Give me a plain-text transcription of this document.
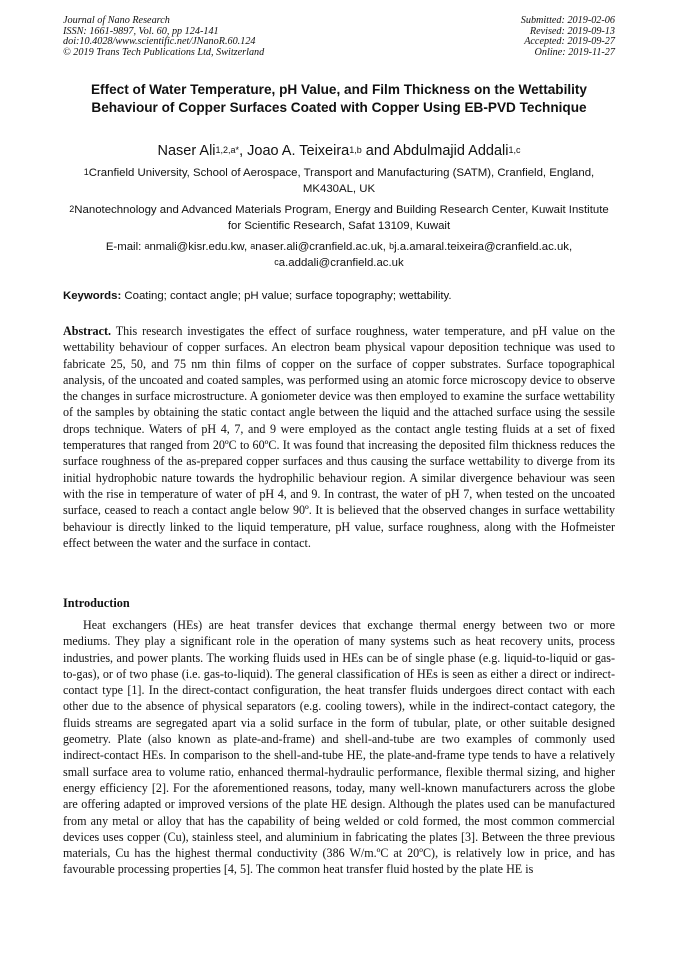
Journal of Nano Research
ISSN: 1661-9897, Vol. 60, pp 124-141
doi:10.4028/www.scientific.net/JNanoR.60.124
© 2019 Trans Tech Publications Ltd, Switzerland
Submitted: 2019-02-06
Revised: 2019-09-13
Accepted: 2019-09-27
Online: 2019-11-27
Effect of Water Temperature, pH Value, and Film Thickness on the Wettability Behaviour of Copper Surfaces Coated with Copper Using EB-PVD Technique
Naser Ali$^{1,2,a*}$, Joao A. Teixeira$^{1,b}$ and Abdulmajid Addali$^{1,c}$
$^1$Cranfield University, School of Aerospace, Transport and Manufacturing (SATM), Cranfield, England, MK430AL, UK
$^2$Nanotechnology and Advanced Materials Program, Energy and Building Research Center, Kuwait Institute for Scientific Research, Safat 13109, Kuwait
E-mail: $^a$nmali@kisr.edu.kw, $^a$naser.ali@cranfield.ac.uk, $^b$j.a.amaral.teixeira@cranfield.ac.uk,
$^c$a.addali@cranfield.ac.uk
Keywords: Coating; contact angle; pH value; surface topography; wettability.
Abstract. This research investigates the effect of surface roughness, water temperature, and pH value on the wettability behaviour of copper surfaces. An electron beam physical vapour deposition technique was used to fabricate 25, 50, and 75 nm thin films of copper on the surface of copper substrates. Surface topographical analysis, of the uncoated and coated samples, was performed using an atomic force microscopy device to observe the changes in surface microstructure. A goniometer device was then employed to examine the surface wettability of the samples by obtaining the static contact angle between the liquid and the attached surface using the sessile drops technique. Waters of pH 4, 7, and 9 were employed as the contact angle testing fluids at a set of fixed temperatures that ranged from 20ºC to 60ºC. It was found that increasing the deposited film thickness reduces the surface roughness of the as-prepared copper surfaces and thus causing the surface wettability to diverge from its initial hydrophobic nature towards the hydrophilic behaviour region. A similar divergence behaviour was seen with the rise in temperature of water of pH 4, and 9. In contrast, the water of pH 7, when tested on the uncoated surface, ceased to reach a contact angle below 90º. It is believed that the observed changes in surface wettability behaviour is directly linked to the liquid temperature, pH value, surface roughness, along with the Hofmeister effect between the water and the surface in contact.
Introduction
Heat exchangers (HEs) are heat transfer devices that exchange thermal energy between two or more mediums. They play a significant role in the operation of many systems such as heat recovery units, process industries, and power plants. The working fluids used in HEs can be of single phase (e.g. liquid-to-liquid or gas-to-gas), or of two phase (i.e. gas-to-liquid). The general classification of HEs is seen as either a direct or indirect-contact type [1]. In the direct-contact configuration, the heat transfer fluids undergoes direct contact with each other due to the absence of physical separators (e.g. cooling towers), while in the indirect-contact category, the fluids streams are segregated apart via a solid surface in the form of tubular, plate, or other suitable designed geometry. Plate (also known as plate-and-frame) and shell-and-tube are two examples of commonly used indirect-contact HEs. In comparison to the shell-and-tube HE, the plate-and-frame type tends to have a relatively small surface area to volume ratio, enhanced thermal-hydraulic performance, flexible thermal sizing, and higher energy efficiency [2]. For the aforementioned reasons, today, many well-known manufacturers across the globe are offering adapted or improved versions of the plate HE design. Although the plates used can be manufactured from any metal or alloy that has the capability of being welded or cold formed, the most common commercial devices uses copper (Cu), stainless steel, and aluminium in fabricating the plates [3]. Between the three previous materials, Cu has the highest thermal conductivity (386 W/m.ºC at 20ºC), is relatively low in price, and has favourable processing properties [4, 5]. The common heat transfer fluid hosted by the plate HE is
